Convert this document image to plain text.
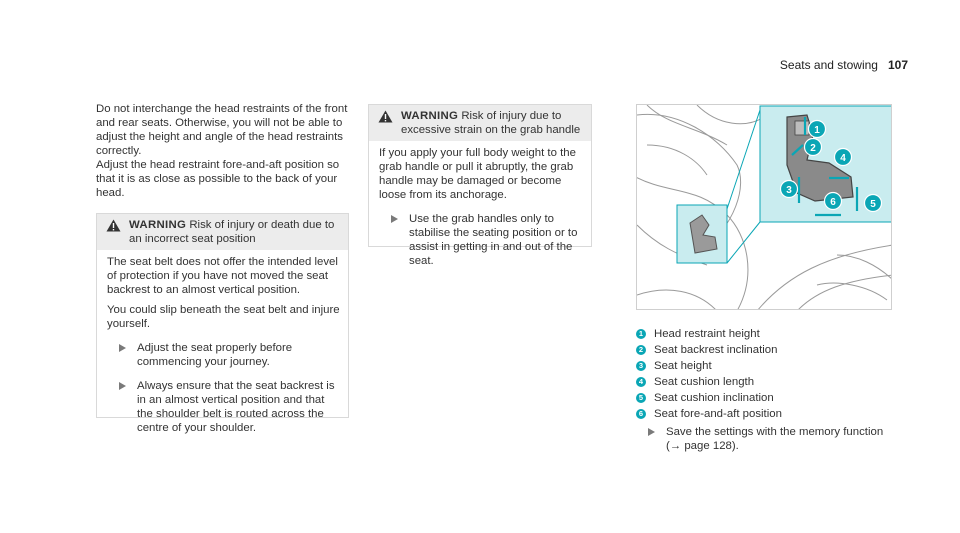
Seats and stowing 107

Do not interchange the head restraints of the front and rear seats. Otherwise, you will not be able to adjust the height and angle of the head restraints correctly.

Adjust the head restraint fore-and-aft position so that it is as close as possible to the back of your head.

WARNING Risk of injury or death due to an incorrect seat position

The seat belt does not offer the intended level of protection if you have not moved the seat backrest to an almost vertical position.

You could slip beneath the seat belt and injure yourself.

Adjust the seat properly before commencing your journey.
Always ensure that the seat backrest is in an almost vertical position and that the shoulder belt is routed across the centre of your shoulder.
WARNING Risk of injury due to excessive strain on the grab handle

If you apply your full body weight to the grab handle or pull it abruptly, the grab handle may be damaged or become loose from its anchorage.

Use the grab handles only to stabilise the seating position or to assist in getting in and out of the seat.
1
2
4
3
6	5
1 Head restraint height
2 Seat backrest inclination
3 Seat height
4 Seat cushion length
5 Seat cushion inclination
6 Seat fore-and-aft position
Save the settings with the memory function
(→ page 128).
